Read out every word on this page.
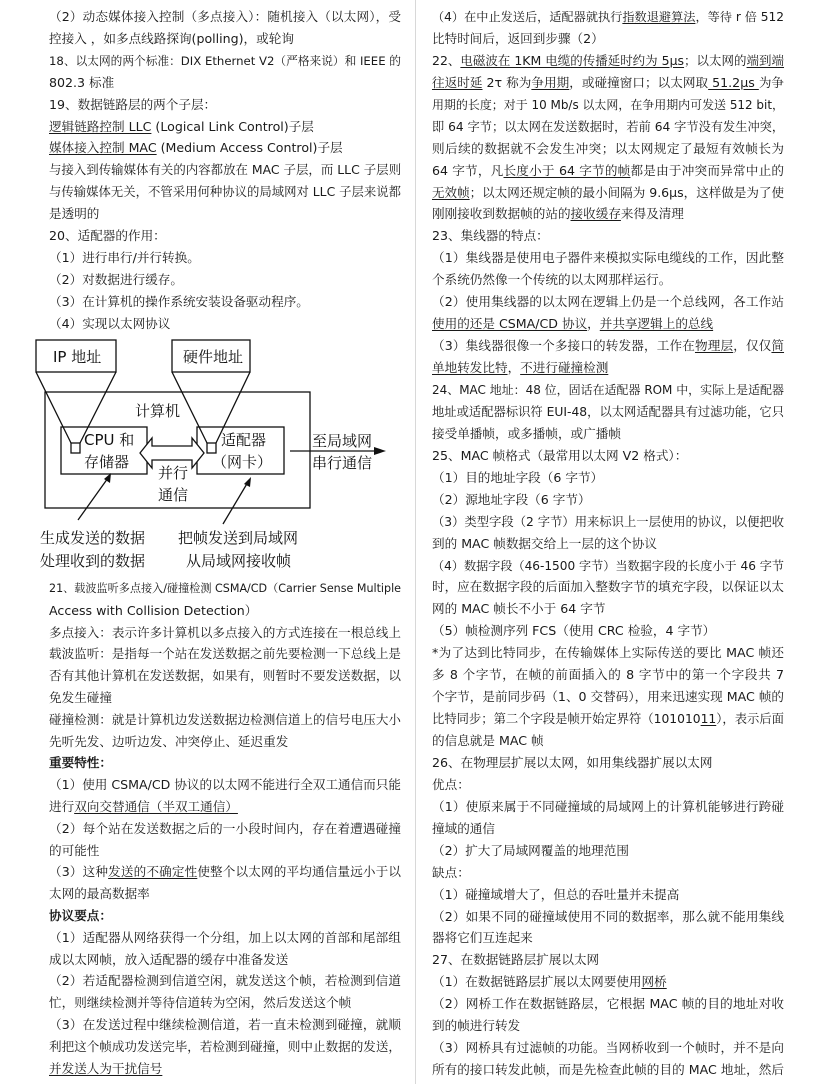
（2）动态媒体接入控制（多点接入）：随机接入（以太网），受
控接入 ，如多点线路探询(polling)，或轮询
18、以太网的两个标准：DIX Ethernet V2（严格来说）和 IEEE 的
802.3 标准
19、数据链路层的两个子层：
逻辑链路控制 LLC (Logical Link Control)子层
媒体接入控制 MAC (Medium Access Control)子层
与接入到传输媒体有关的内容都放在 MAC 子层，而 LLC 子层则
与传输媒体无关，不管采用何种协议的局域网对 LLC 子层来说都
是透明的
20、适配器的作用：
（1）进行串行/并行转换。
（2）对数据进行缓存。
（3）在计算机的操作系统安装设备驱动程序。
（4）实现以太网协议
21、载波监听多点接入/碰撞检测 CSMA/CD（Carrier Sense Multiple
Access with Collision Detection）
多点接入：表示许多计算机以多点接入的方式连接在一根总线上
载波监听：是指每一个站在发送数据之前先要检测一下总线上是
否有其他计算机在发送数据，如果有，则暂时不要发送数据，以
免发生碰撞
碰撞检测：就是计算机边发送数据边检测信道上的信号电压大小
先听先发、边听边发、冲突停止、延迟重发
重要特性：
（1）使用 CSMA/CD 协议的以太网不能进行全双工通信而只能
进行双向交替通信（半双工通信）
（2）每个站在发送数据之后的一小段时间内，存在着遭遇碰撞
的可能性
（3）这种发送的不确定性使整个以太网的平均通信量远小于以
太网的最高数据率
协议要点：
（1）适配器从网络获得一个分组，加上以太网的首部和尾部组
成以太网帧，放入适配器的缓存中准备发送
（2）若适配器检测到信道空闲，就发送这个帧，若检测到信道
忙，则继续检测并等待信道转为空闲，然后发送这个帧
（3）在发送过程中继续检测信道，若一直未检测到碰撞，就顺
利把这个帧成功发送完毕，若检测到碰撞，则中止数据的发送，
并发送人为干扰信号
（4）在中止发送后，适配器就执行指数退避算法，等待 r 倍 512
比特时间后，返回到步骤（2）
22、电磁波在 1KM 电缆的传播延时约为 5μs；以太网的端到端
往返时延 2τ 称为争用期，或碰撞窗口；以太网取 51.2μs 为争
用期的长度；对于 10 Mb/s 以太网，在争用期内可发送 512 bit，
即 64 字节；以太网在发送数据时，若前 64 字节没有发生冲突，
则后续的数据就不会发生冲突；以太网规定了最短有效帧长为
64 字节，凡长度小于 64 字节的帧都是由于冲突而异常中止的
无效帧；以太网还规定帧的最小间隔为 9.6μs，这样做是为了使
刚刚接收到数据帧的站的接收缓存来得及清理
23、集线器的特点：
（1）集线器是使用电子器件来模拟实际电缆线的工作，因此整
个系统仍然像一个传统的以太网那样运行。
（2）使用集线器的以太网在逻辑上仍是一个总线网，各工作站
使用的还是 CSMA/CD 协议，并共享逻辑上的总线
（3）集线器很像一个多接口的转发器，工作在物理层，仅仅简
单地转发比特，不进行碰撞检测
24、MAC 地址：48 位，固话在适配器 ROM 中，实际上是适配器
地址或适配器标识符 EUI-48，以太网适配器具有过滤功能，它只
接受单播帧，或多播帧，或广播帧
25、MAC 帧格式（最常用以太网 V2 格式）：
（1）目的地址字段（6 字节）
（2）源地址字段（6 字节）
（3）类型字段（2 字节）用来标识上一层使用的协议，以便把收
到的 MAC 帧数据交给上一层的这个协议
（4）数据字段（46-1500 字节）当数据字段的长度小于 46 字节
时，应在数据字段的后面加入整数字节的填充字段，以保证以太
网的 MAC 帧长不小于 64 字节
（5）帧检测序列 FCS（使用 CRC 检验，4 字节）
*为了达到比特同步，在传输媒体上实际传送的要比 MAC 帧还
多 8 个字节，在帧的前面插入的 8 字节中的第一个字段共 7
个字节，是前同步码（1、0 交替码），用来迅速实现 MAC 帧的
比特同步；第二个字段是帧开始定界符（10101011），表示后面
的信息就是 MAC 帧
26、在物理层扩展以太网，如用集线器扩展以太网
优点：
（1）使原来属于不同碰撞域的局域网上的计算机能够进行跨碰
撞域的通信
（2）扩大了局域网覆盖的地理范围
缺点：
（1）碰撞域增大了，但总的吞吐量并未提高
（2）如果不同的碰撞域使用不同的数据率，那么就不能用集线
器将它们互连起来
27、在数据链路层扩展以太网
（1）在数据链路层扩展以太网要使用网桥
（2）网桥工作在数据链路层，它根据 MAC 帧的目的地址对收
到的帧进行转发
（3）网桥具有过滤帧的功能。当网桥收到一个帧时，并不是向
所有的接口转发此帧，而是先检查此帧的目的 MAC 地址，然后
IP 地址	硬件地址
计算机
CPU 和
存储器
适配器
（网卡）
并行
通信
至局域网
串行通信
生成发送的数据
处理收到的数据
把帧发送到局域网
从局域网接收帧
